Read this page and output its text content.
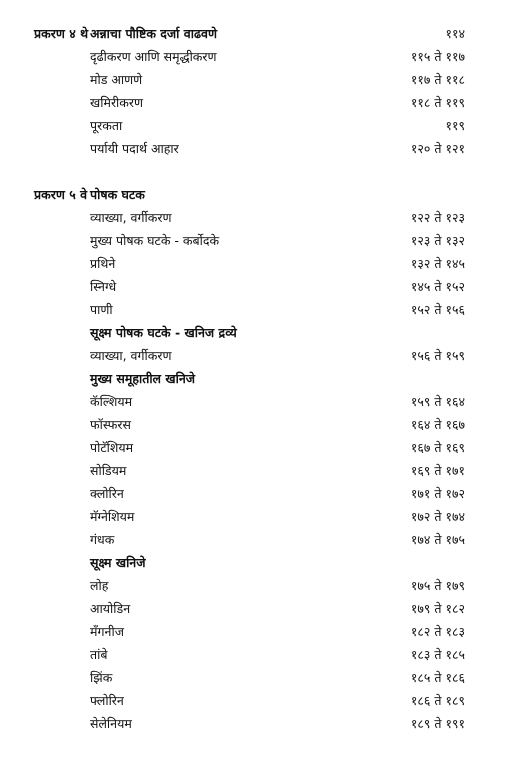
प्रकरण ४ थे अन्नाचा पौष्टिक दर्जा वाढवणे	११४
दृढीकरण आणि समृद्धीकरण	११५ ते ११७
मोड आणणे	११७ ते ११८
खमिरीकरण	११८ ते ११९
पूरकता	११९
पर्यायी पदार्थ आहार	१२० ते १२१
प्रकरण ५ वे पोषक घटक
व्याख्या, वर्गीकरण	१२२ ते १२३
मुख्य पोषक घटके - कर्बोदके	१२३ ते १३२
प्रथिने	१३२ ते १४५
स्निग्धे	१४५ ते १५२
पाणी	१५२ ते १५६
सूक्ष्म पोषक घटके - खनिज द्रव्ये
व्याख्या, वर्गीकरण	१५६ ते १५९
मुख्य समूहातील खनिजे
कॅल्शियम	१५९ ते १६४
फॉस्फरस	१६४ ते १६७
पोटॅशियम	१६७ ते १६९
सोडियम	१६९ ते १७१
क्लोरिन	१७१ ते १७२
मॅग्नेशियम	१७२ ते १७४
गंधक	१७४ ते १७५
सूक्ष्म खनिजे
लोह	१७५ ते १७९
आयोडिन	१७९ ते १८२
मँगनीज	१८२ ते १८३
तांबे	१८३ ते १८५
झिंक	१८५ ते १८६
फ्लोरिन	१८६ ते १८९
सेलेनियम	१८९ ते १९१
